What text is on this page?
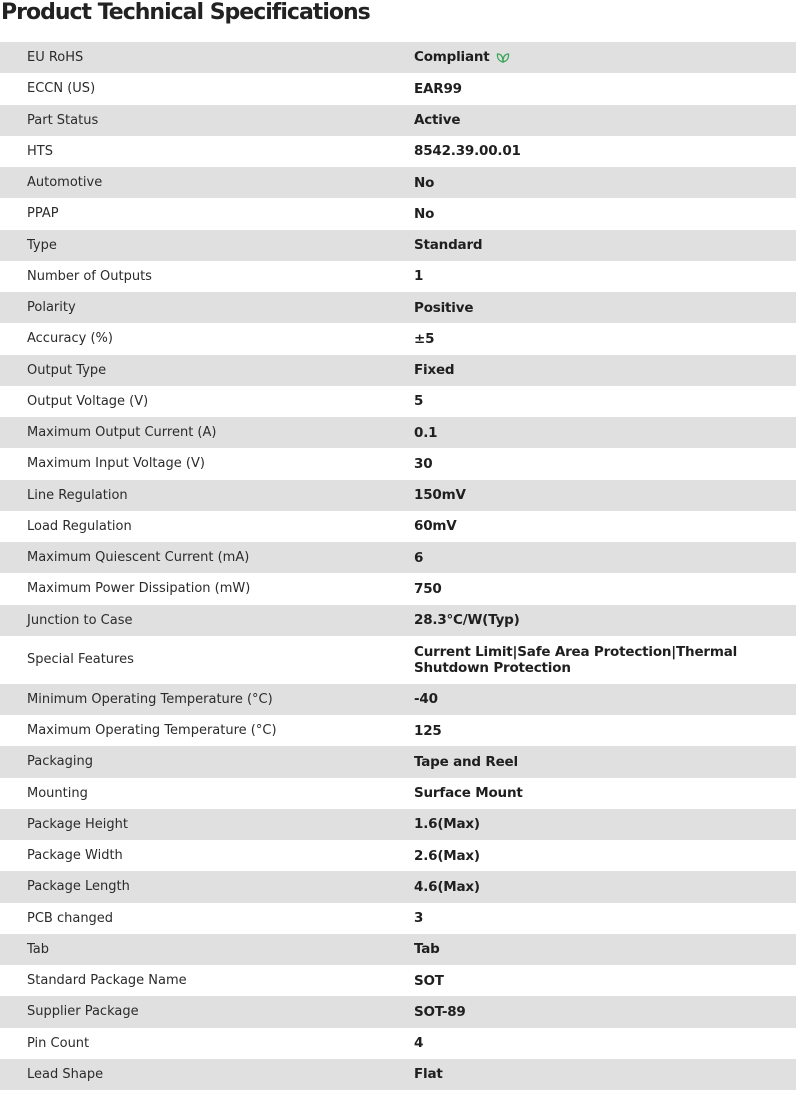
Product Technical Specifications
EU RoHS	Compliant
ECCN (US)	EAR99
Part Status	Active
HTS	8542.39.00.01
Automotive	No
PPAP	No
Type	Standard
Number of Outputs	1
Polarity	Positive
Accuracy (%)	±5
Output Type	Fixed
Output Voltage (V)	5
Maximum Output Current (A)	0.1
Maximum Input Voltage (V)	30
Line Regulation	150mV
Load Regulation	60mV
Maximum Quiescent Current (mA)	6
Maximum Power Dissipation (mW)	750
Junction to Case	28.3°C/W(Typ)
Special Features	Current Limit|Safe Area Protection|Thermal Shutdown Protection
Minimum Operating Temperature (°C)	-40
Maximum Operating Temperature (°C)	125
Packaging	Tape and Reel
Mounting	Surface Mount
Package Height	1.6(Max)
Package Width	2.6(Max)
Package Length	4.6(Max)
PCB changed	3
Tab	Tab
Standard Package Name	SOT
Supplier Package	SOT-89
Pin Count	4
Lead Shape	Flat
